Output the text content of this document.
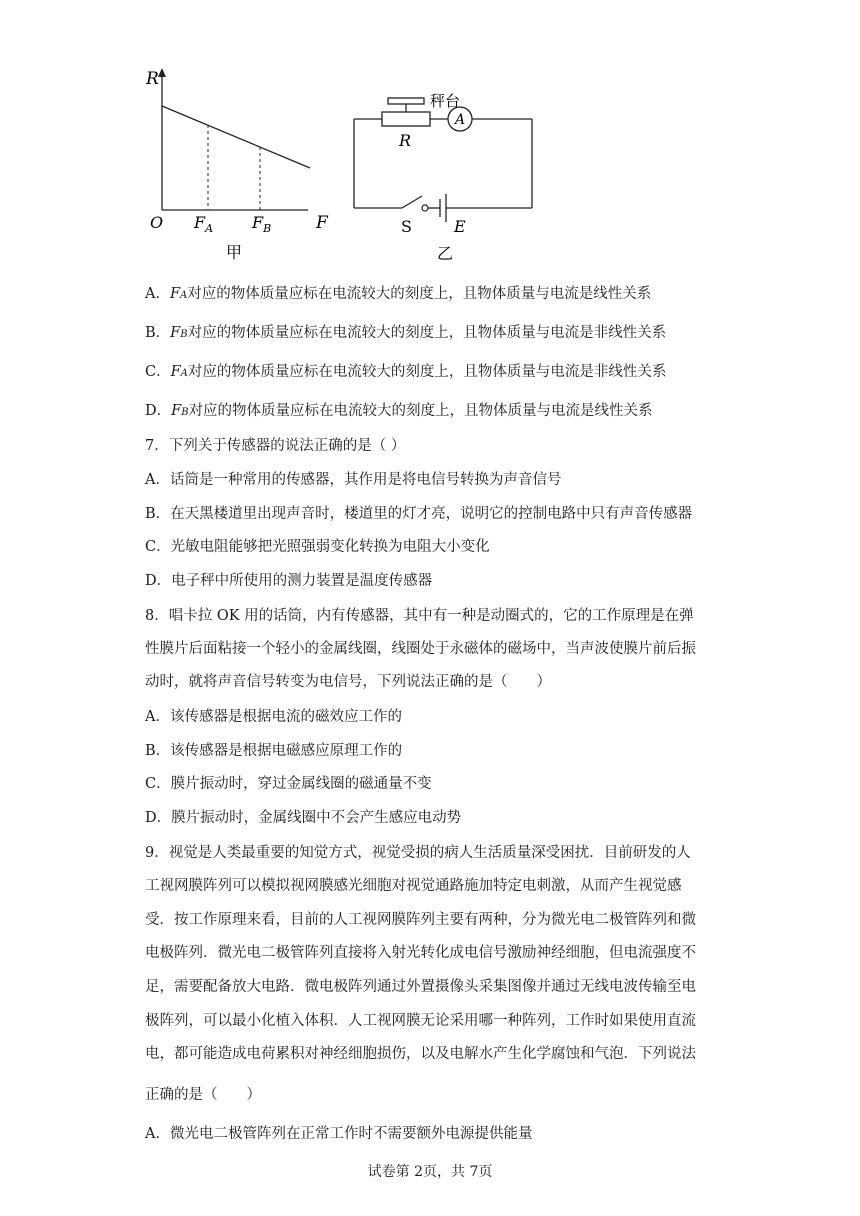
R
O	F
$F_A$ $F_B$
甲
秤台
R
A
S	E
乙
A．FA对应的物体质量应标在电流较大的刻度上，且物体质量与电流是线性关系
B．FB对应的物体质量应标在电流较大的刻度上，且物体质量与电流是非线性关系
C．FA对应的物体质量应标在电流较大的刻度上，且物体质量与电流是非线性关系
D．FB对应的物体质量应标在电流较大的刻度上，且物体质量与电流是线性关系
7．下列关于传感器的说法正确的是（ ）
A．话筒是一种常用的传感器，其作用是将电信号转换为声音信号
B．在天黑楼道里出现声音时，楼道里的灯才亮，说明它的控制电路中只有声音传感器
C．光敏电阻能够把光照强弱变化转换为电阻大小变化
D．电子秤中所使用的测力装置是温度传感器
8．唱卡拉 OK 用的话筒，内有传感器，其中有一种是动圈式的，它的工作原理是在弹
性膜片后面粘接一个轻小的金属线圈，线圈处于永磁体的磁场中，当声波使膜片前后振
动时，就将声音信号转变为电信号，下列说法正确的是（　　）
A．该传感器是根据电流的磁效应工作的
B．该传感器是根据电磁感应原理工作的
C．膜片振动时，穿过金属线圈的磁通量不变
D．膜片振动时，金属线圈中不会产生感应电动势
9．视觉是人类最重要的知觉方式，视觉受损的病人生活质量深受困扰．目前研发的人
工视网膜阵列可以模拟视网膜感光细胞对视觉通路施加特定电刺激，从而产生视觉感
受．按工作原理来看，目前的人工视网膜阵列主要有两种，分为微光电二极管阵列和微
电极阵列．微光电二极管阵列直接将入射光转化成电信号激励神经细胞，但电流强度不
足，需要配备放大电路．微电极阵列通过外置摄像头采集图像并通过无线电波传输至电
极阵列，可以最小化植入体积．人工视网膜无论采用哪一种阵列，工作时如果使用直流
电，都可能造成电荷累积对神经细胞损伤，以及电解水产生化学腐蚀和气泡．下列说法
正确的是（　　）
A．微光电二极管阵列在正常工作时不需要额外电源提供能量
试卷第 2页，共 7页
